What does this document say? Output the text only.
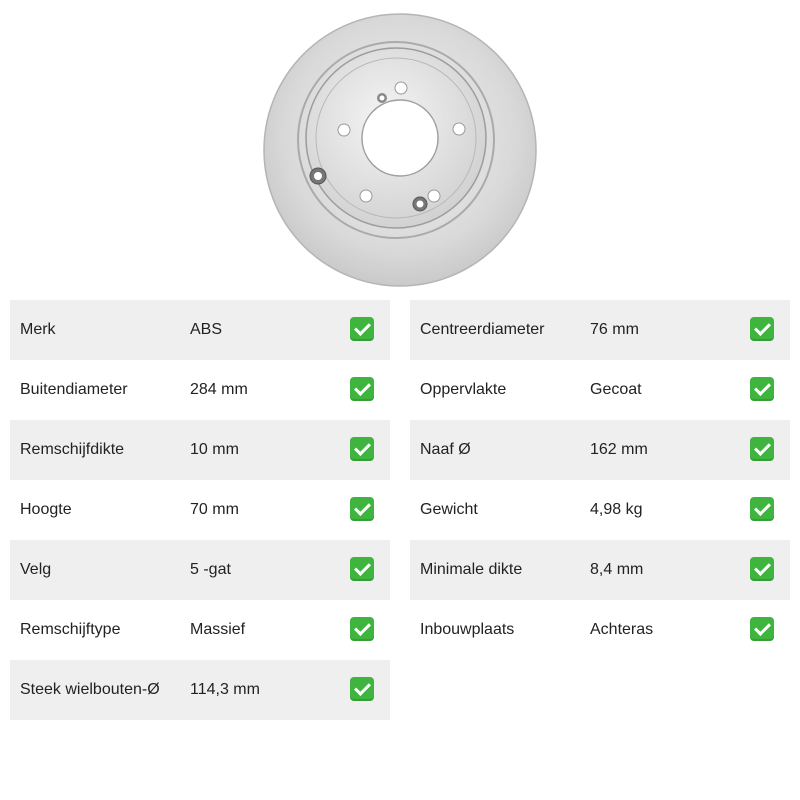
Merk	ABS
Buitendiameter	284 mm
Remschijfdikte	10 mm
Hoogte	70 mm
Velg	5 -gat
Remschijftype	Massief
Steek wielbouten-Ø 114,3 mm
Centreerdiameter	76 mm
Oppervlakte	Gecoat
Naaf Ø	162 mm
Gewicht	4,98 kg
Minimale dikte	8,4 mm
Inbouwplaats	Achteras
